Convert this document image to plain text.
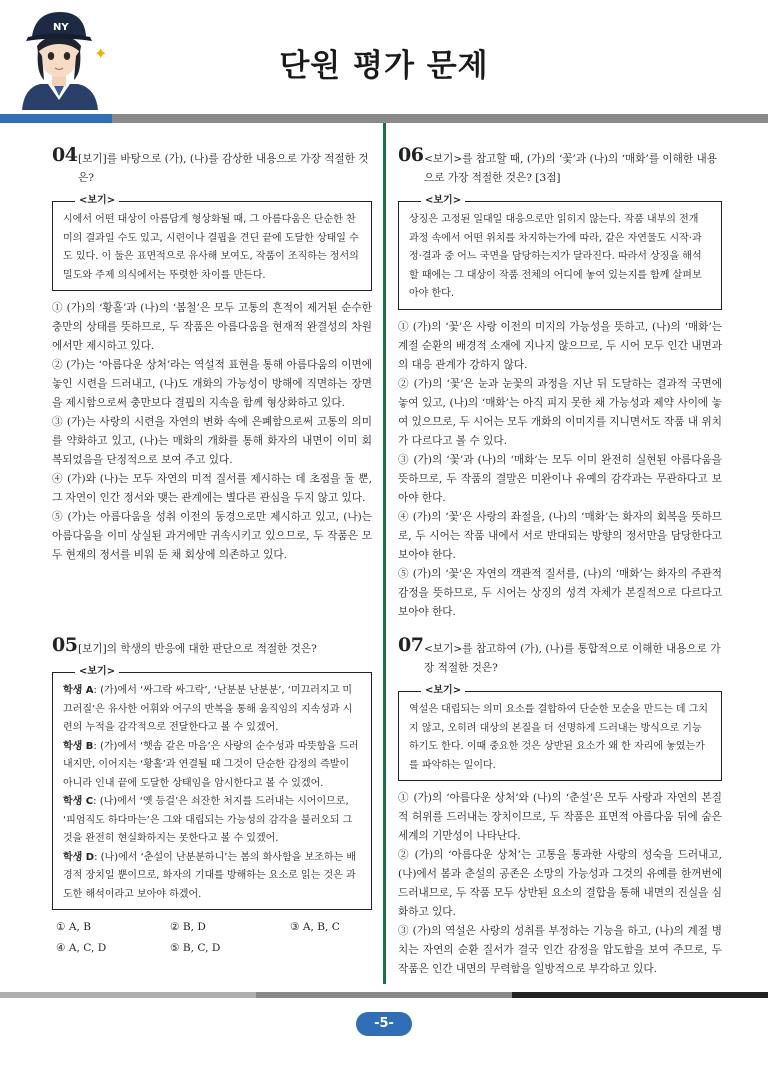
NY
✦	단원 평가 문제
04 [보기]를 바탕으로 (가), (나)를 감상한 내용으로 가장 적절한 것은?
<보기>
시에서 어떤 대상이 아름답게 형상화될 때, 그 아름다움은 단순한 찬미의 결과일 수도 있고, 시련이나 결핍을 견딘 끝에 도달한 상태일 수도 있다. 이 둘은 표면적으로 유사해 보여도, 작품이 조직하는 정서의 밀도와 주제 의식에서는 뚜렷한 차이를 만든다.
① (가)의 ‘황홀’과 (나)의 ‘봄철’은 모두 고통의 흔적이 제거된 순수한 충만의 상태를 뜻하므로, 두 작품은 아름다움을 현재적 완결성의 차원에서만 제시하고 있다.
② (가)는 ‘아름다운 상처’라는 역설적 표현을 통해 아름다움의 이면에 놓인 시련을 드러내고, (나)도 개화의 가능성이 방해에 직면하는 장면을 제시함으로써 충만보다 결핍의 지속을 함께 형상화하고 있다.
③ (가)는 사랑의 시련을 자연의 변화 속에 은폐함으로써 고통의 의미를 약화하고 있고, (나)는 매화의 개화를 통해 화자의 내면이 이미 회복되었음을 단정적으로 보여 주고 있다.
④ (가)와 (나)는 모두 자연의 미적 질서를 제시하는 데 초점을 둘 뿐, 그 자연이 인간 정서와 맺는 관계에는 별다른 관심을 두지 않고 있다.
⑤ (가)는 아름다움을 성취 이전의 동경으로만 제시하고 있고, (나)는 아름다움을 이미 상실된 과거에만 귀속시키고 있으므로, 두 작품은 모두 현재의 정서를 비워 둔 채 회상에 의존하고 있다.
05 [보기]의 학생의 반응에 대한 판단으로 적절한 것은?
<보기>
학생 A: (가)에서 ‘싸그락 싸그락’, ‘난분분 난분분’, ‘미끄러지고 미끄러질’은 유사한 어휘와 어구의 반복을 통해 움직임의 지속성과 시련의 누적을 감각적으로 전달한다고 볼 수 있겠어.
학생 B: (가)에서 ‘햇솜 같은 마음’은 사랑의 순수성과 따뜻함을 드러내지만, 이어지는 ‘황홀’과 연결될 때 그것이 단순한 감정의 즉발이 아니라 인내 끝에 도달한 상태임을 암시한다고 볼 수 있겠어.
학생 C: (나)에서 ‘옛 등걸’은 쇠잔한 처지를 드러내는 시어이므로, ‘피엄직도 하다마는’은 그와 대립되는 가능성의 감각을 불러오되 그것을 완전히 현실화하지는 못한다고 볼 수 있겠어.
학생 D: (나)에서 ‘춘설이 난분분하니’는 봄의 화사함을 보조하는 배경적 장치일 뿐이므로, 화자의 기대를 방해하는 요소로 읽는 것은 과도한 해석이라고 보아야 하겠어.
① A, B	② B, D	③ A, B, C
④ A, C, D	⑤ B, C, D
06 <보기>를 참고할 때, (가)의 ‘꽃’과 (나)의 ‘매화’를 이해한 내용으로 가장 적절한 것은? [3점]
<보기>
상징은 고정된 일대일 대응으로만 읽히지 않는다. 작품 내부의 전개 과정 속에서 어떤 위치를 차지하는가에 따라, 같은 자연물도 시작·과정·결과 중 어느 국면을 담당하는지가 달라진다. 따라서 상징을 해석할 때에는 그 대상이 작품 전체의 어디에 놓여 있는지를 함께 살펴보아야 한다.
① (가)의 ‘꽃’은 사랑 이전의 미지의 가능성을 뜻하고, (나)의 ‘매화’는 계절 순환의 배경적 소재에 지나지 않으므로, 두 시어 모두 인간 내면과의 대응 관계가 강하지 않다.
② (가)의 ‘꽃’은 눈과 눈꽃의 과정을 지난 뒤 도달하는 결과적 국면에 놓여 있고, (나)의 ‘매화’는 아직 피지 못한 채 가능성과 제약 사이에 놓여 있으므로, 두 시어는 모두 개화의 이미지를 지니면서도 작품 내 위치가 다르다고 볼 수 있다.
③ (가)의 ‘꽃’과 (나)의 ‘매화’는 모두 이미 완전히 실현된 아름다움을 뜻하므로, 두 작품의 결말은 미완이나 유예의 감각과는 무관하다고 보아야 한다.
④ (가)의 ‘꽃’은 사랑의 좌절을, (나)의 ‘매화’는 화자의 회복을 뜻하므로, 두 시어는 작품 내에서 서로 반대되는 방향의 정서만을 담당한다고 보아야 한다.
⑤ (가)의 ‘꽃’은 자연의 객관적 질서를, (나)의 ‘매화’는 화자의 주관적 감정을 뜻하므로, 두 시어는 상징의 성격 자체가 본질적으로 다르다고 보아야 한다.
07 <보기>를 참고하여 (가), (나)를 통합적으로 이해한 내용으로 가장 적절한 것은?
<보기>
역설은 대립되는 의미 요소를 결합하여 단순한 모순을 만드는 데 그치지 않고, 오히려 대상의 본질을 더 선명하게 드러내는 방식으로 기능하기도 한다. 이때 중요한 것은 상반된 요소가 왜 한 자리에 놓였는가를 파악하는 일이다.
① (가)의 ‘아름다운 상처’와 (나)의 ‘춘설’은 모두 사랑과 자연의 본질적 허위를 드러내는 장치이므로, 두 작품은 표면적 아름다움 뒤에 숨은 세계의 기만성이 나타난다.
② (가)의 ‘아름다운 상처’는 고통을 통과한 사랑의 성숙을 드러내고, (나)에서 봄과 춘설의 공존은 소망의 가능성과 그것의 유예를 한꺼번에 드러내므로, 두 작품 모두 상반된 요소의 결합을 통해 내면의 진실을 심화하고 있다.
③ (가)의 역설은 사랑의 성취를 부정하는 기능을 하고, (나)의 계절 병치는 자연의 순환 질서가 결국 인간 감정을 압도함을 보여 주므로, 두 작품은 인간 내면의 무력함을 일방적으로 부각하고 있다.
-5-
